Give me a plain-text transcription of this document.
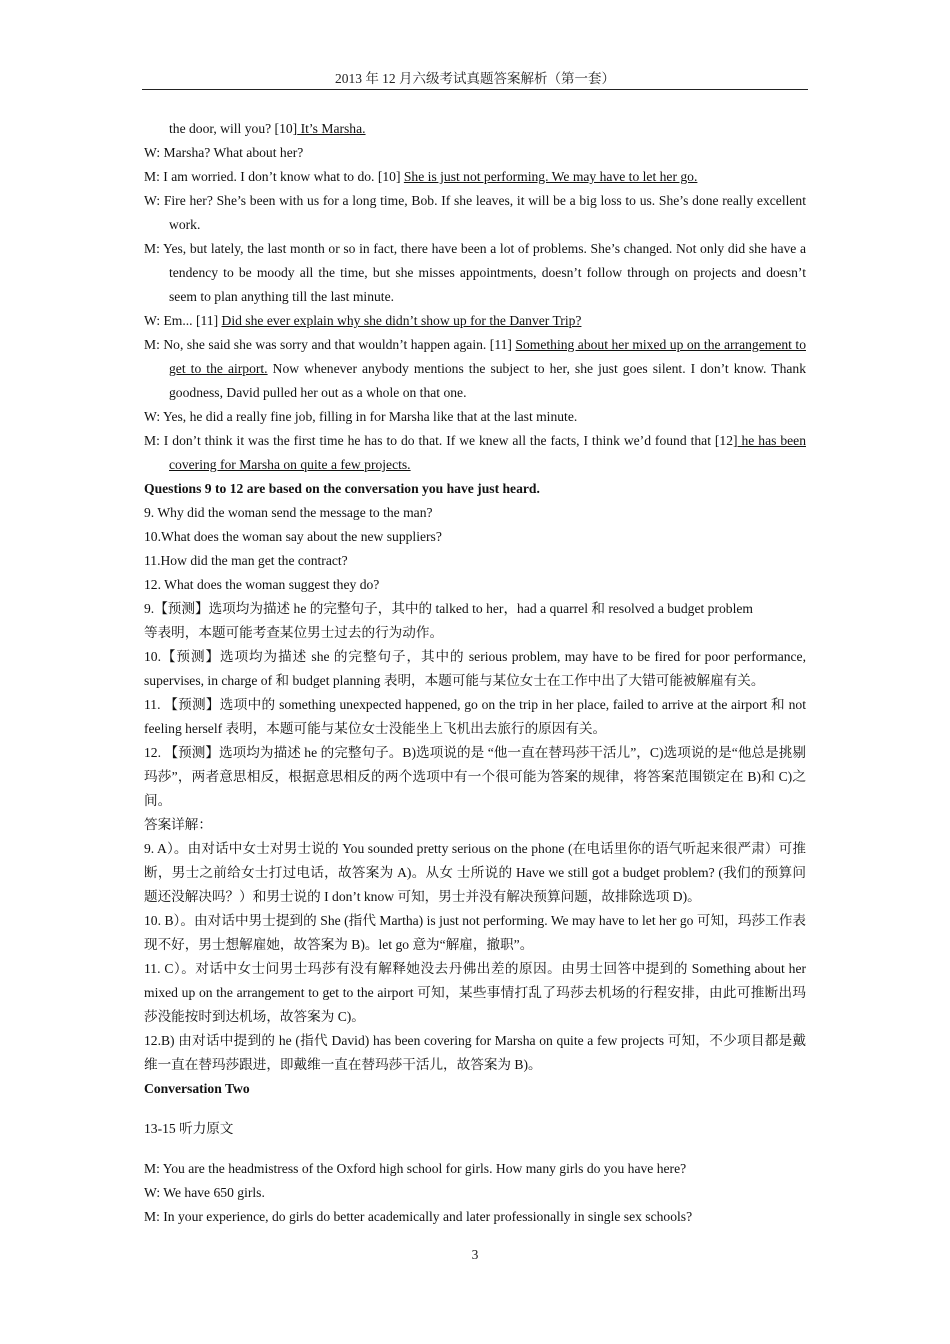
2013 年 12 月六级考试真题答案解析（第一套）

the door, will you? [10] It’s Marsha.

W: Marsha? What about her?

M: I am worried. I don’t know what to do. [10] She is just not performing. We may have to let her go.

W: Fire her? She’s been with us for a long time, Bob. If she leaves, it will be a big loss to us. She’s done really excellent work.

M: Yes, but lately, the last month or so in fact, there have been a lot of problems. She’s changed. Not only did she have a tendency to be moody all the time, but she misses appointments, doesn’t follow through on projects and doesn’t seem to plan anything till the last minute.

W: Em... [11] Did she ever explain why she didn’t show up for the Danver Trip?

M: No, she said she was sorry and that wouldn’t happen again. [11] Something about her mixed up on the arrangement to get to the airport. Now whenever anybody mentions the subject to her, she just goes silent. I don’t know. Thank goodness, David pulled her out as a whole on that one.

W: Yes, he did a really fine job, filling in for Marsha like that at the last minute.

M: I don’t think it was the first time he has to do that. If we knew all the facts, I think we’d found that [12] he has been covering for Marsha on quite a few projects.

Questions 9 to 12 are based on the conversation you have just heard.

9. Why did the woman send the message to the man?

10.What does the woman say about the new suppliers?

11.How did the man get the contract?

12. What does the woman suggest they do?

9.【预测】选项均为描述 he 的完整句子，其中的 talked to her，had a quarrel 和 resolved a budget problem

等表明，本题可能考查某位男士过去的行为动作。

10.【预测】选项均为描述 she 的完整句子，其中的 serious problem, may have to be fired for poor performance, supervises, in charge of 和 budget planning 表明，本题可能与某位女士在工作中出了大错可能被解雇有关。

11. 【预测】选项中的 something unexpected happened, go on the trip in her place, failed to arrive at the airport 和 not feeling herself 表明，本题可能与某位女士没能坐上飞机出去旅行的原因有关。

12. 【预测】选项均为描述 he 的完整句子。B)选项说的是 “他一直在替玛莎干活儿”，C)选项说的是“他总是挑剔玛莎”，两者意思相反，根据意思相反的两个选项中有一个很可能为答案的规律，将答案范围锁定在 B)和 C)之间。

答案详解：

9. A）。由对话中女士对男士说的 You sounded pretty serious on the phone (在电话里你的语气听起来很严肃）可推断，男士之前给女士打过电话，故答案为 A)。从女 士所说的 Have we still got a budget problem? (我们的预算问题还没解决吗？）和男士说的 I don’t know 可知，男士并没有解决预算问题，故排除选项 D)。

10. B）。由对话中男士提到的 She (指代 Martha) is just not performing. We may have to let her go 可知，玛莎工作表现不好，男士想解雇她，故答案为 B)。let go 意为“解雇，撤职”。

11. C）。对话中女士问男士玛莎有没有解释她没去丹佛出差的原因。由男士回答中提到的 Something about her mixed up on the arrangement to get to the airport 可知，某些事情打乱了玛莎去机场的行程安排，由此可推断出玛莎没能按时到达机场，故答案为 C)。

12.B) 由对话中提到的 he (指代 David) has been covering for Marsha on quite a few projects 可知，不少项目都是戴维一直在替玛莎跟进，即戴维一直在替玛莎干活儿，故答案为 B)。

Conversation Two

13-15 听力原文

M: You are the headmistress of the Oxford high school for girls. How many girls do you have here?

W: We have 650 girls.

M: In your experience, do girls do better academically and later professionally in single sex schools?

3
